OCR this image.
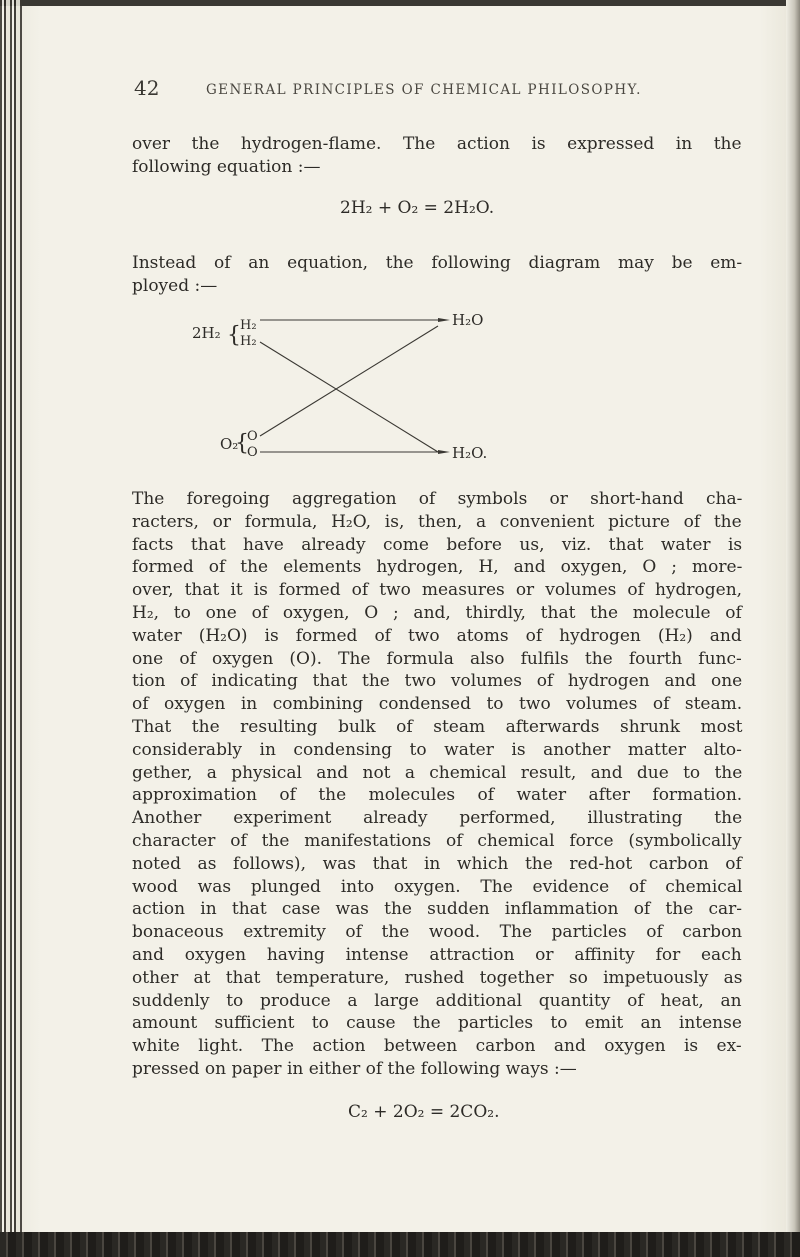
42	GENERAL PRINCIPLES OF CHEMICAL PHILOSOPHY.

over the hydrogen-flame. The action is expressed in the
following equation :—

2H₂ + O₂ = 2H₂O.

Instead of an equation, the following diagram may be em-
ployed :—

2H₂ { H₂
H₂
O₂
{
O
O
H₂O
H₂O.

The foregoing aggregation of symbols or short-hand cha-
racters, or formula, H₂O, is, then, a convenient picture of the
facts that have already come before us, viz. that water is
formed of the elements hydrogen, H, and oxygen, O ; more-
over, that it is formed of two measures or volumes of hydrogen,
H₂, to one of oxygen, O ; and, thirdly, that the molecule of
water (H₂O) is formed of two atoms of hydrogen (H₂) and
one of oxygen (O). The formula also fulfils the fourth func-
tion of indicating that the two volumes of hydrogen and one
of oxygen in combining condensed to two volumes of steam.
That the resulting bulk of steam afterwards shrunk most
considerably in condensing to water is another matter alto-
gether, a physical and not a chemical result, and due to the
approximation of the molecules of water after formation.
Another experiment already performed, illustrating the
character of the manifestations of chemical force (symbolically
noted as follows), was that in which the red-hot carbon of
wood was plunged into oxygen. The evidence of chemical
action in that case was the sudden inflammation of the car-
bonaceous extremity of the wood. The particles of carbon
and oxygen having intense attraction or affinity for each
other at that temperature, rushed together so impetuously as
suddenly to produce a large additional quantity of heat, an
amount sufficient to cause the particles to emit an intense
white light. The action between carbon and oxygen is ex-
pressed on paper in either of the following ways :—

C₂ + 2O₂ = 2CO₂.
